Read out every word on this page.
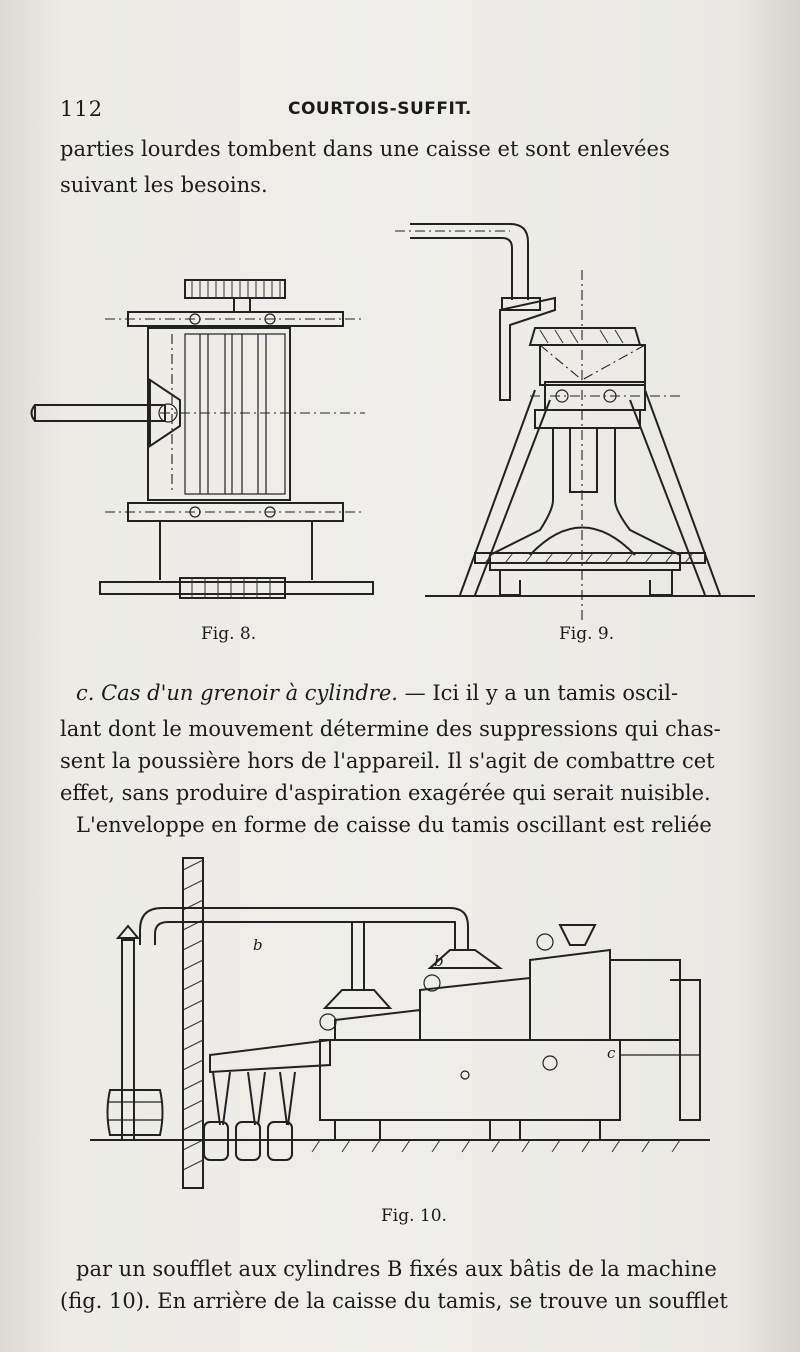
112	COURTOIS-SUFFIT.
parties lourdes tombent dans une caisse et sont enlevées
suivant les besoins.
Fig. 8.	Fig. 9.
c. Cas d'un grenoir à cylindre. — Ici il y a un tamis oscil-
lant dont le mouvement détermine des suppressions qui chas-
sent la poussière hors de l'appareil. Il s'agit de combattre cet
effet, sans produire d'aspiration exagérée qui serait nuisible.
L'enveloppe en forme de caisse du tamis oscillant est reliée
b
b
c
Fig. 10.
par un soufflet aux cylindres B fixés aux bâtis de la machine
(fig. 10). En arrière de la caisse du tamis, se trouve un soufflet
